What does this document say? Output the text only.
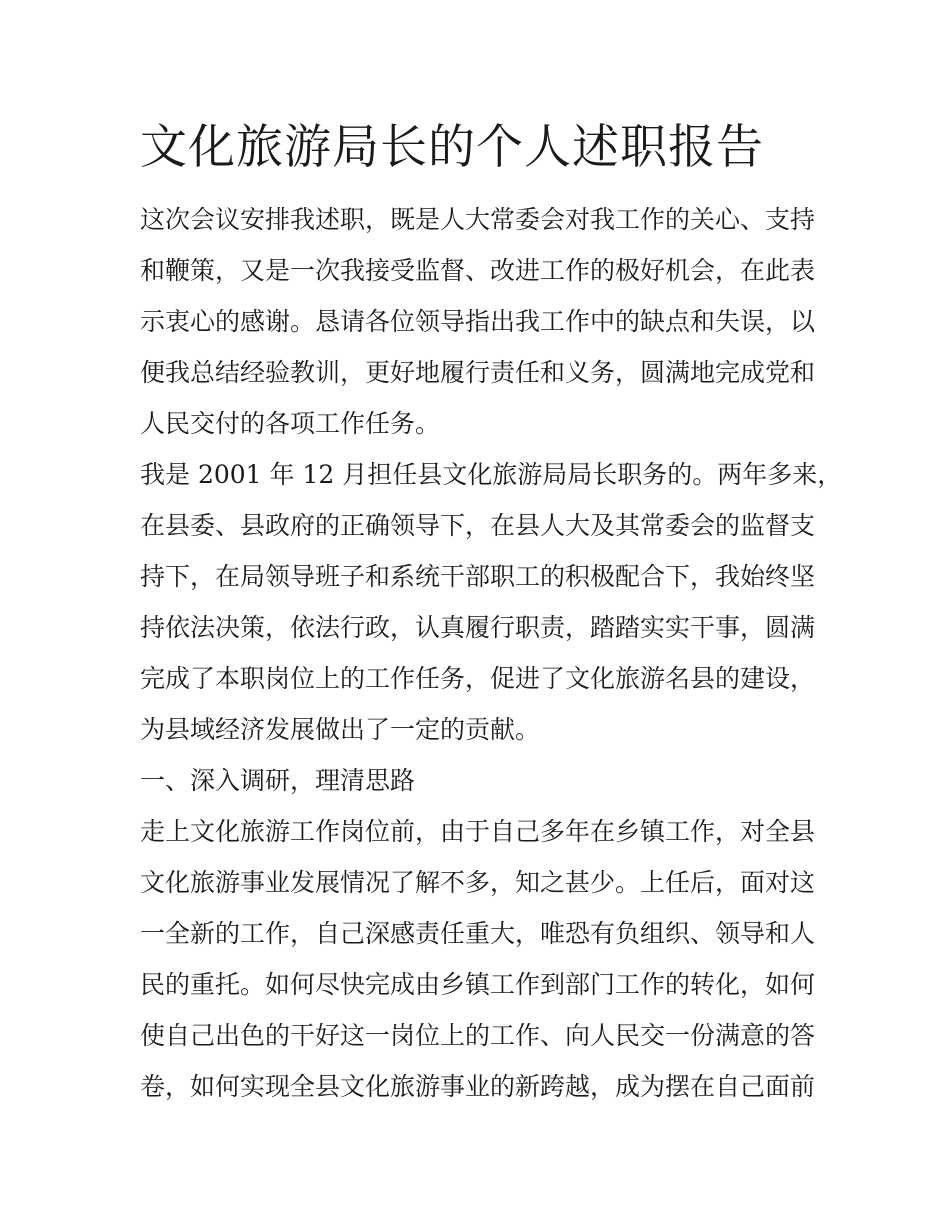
文化旅游局长的个人述职报告
这次会议安排我述职，既是人大常委会对我工作的关心、支持
和鞭策，又是一次我接受监督、改进工作的极好机会，在此表
示衷心的感谢。恳请各位领导指出我工作中的缺点和失误，以
便我总结经验教训，更好地履行责任和义务，圆满地完成党和
人民交付的各项工作任务。
我是 2001 年 12 月担任县文化旅游局局长职务的。两年多来，
在县委、县政府的正确领导下，在县人大及其常委会的监督支
持下，在局领导班子和系统干部职工的积极配合下，我始终坚
持依法决策，依法行政，认真履行职责，踏踏实实干事，圆满
完成了本职岗位上的工作任务，促进了文化旅游名县的建设，
为县域经济发展做出了一定的贡献。
一、深入调研，理清思路
走上文化旅游工作岗位前，由于自己多年在乡镇工作，对全县
文化旅游事业发展情况了解不多，知之甚少。上任后，面对这
一全新的工作，自己深感责任重大，唯恐有负组织、领导和人
民的重托。如何尽快完成由乡镇工作到部门工作的转化，如何
使自己出色的干好这一岗位上的工作、向人民交一份满意的答
卷，如何实现全县文化旅游事业的新跨越，成为摆在自己面前
